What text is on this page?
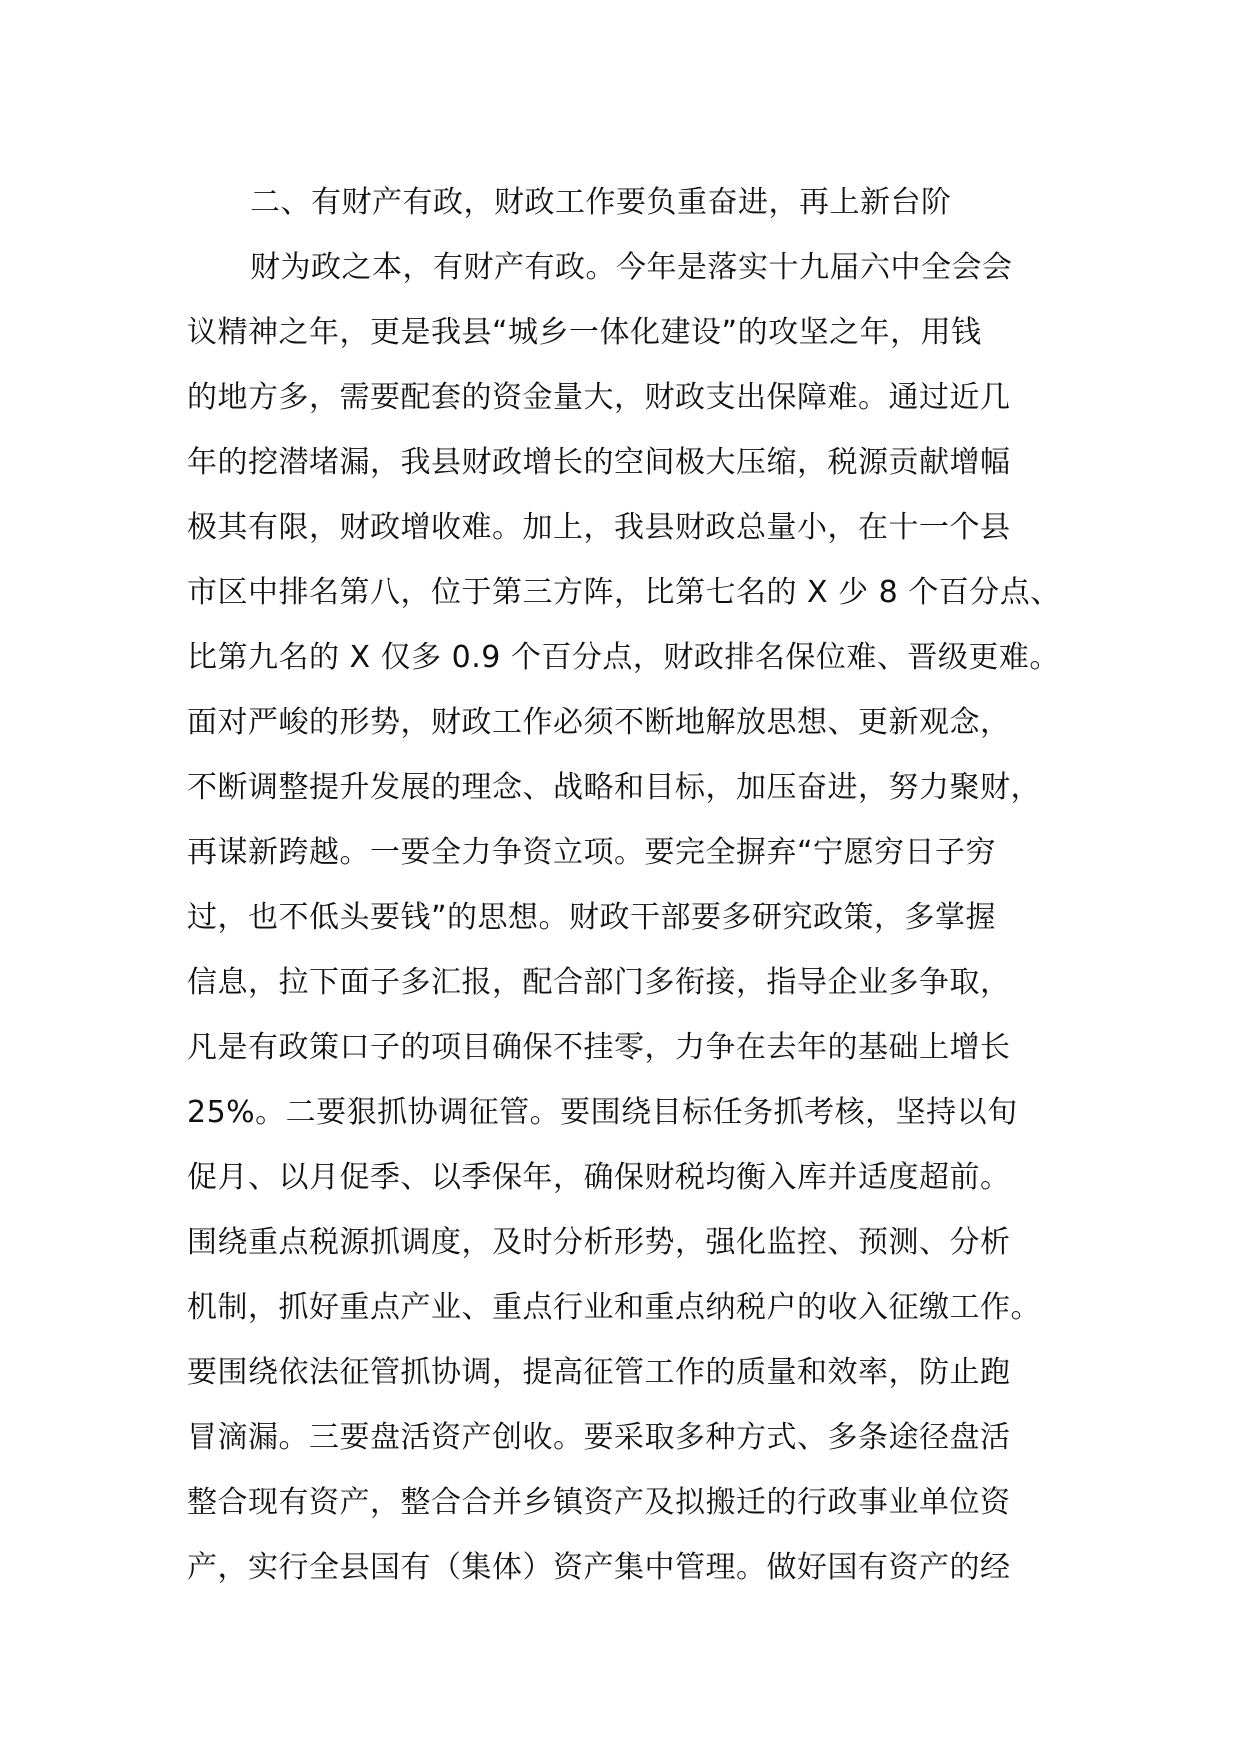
二、有财产有政，财政工作要负重奋进，再上新台阶
财为政之本，有财产有政。今年是落实十九届六中全会会
议精神之年，更是我县“城乡一体化建设”的攻坚之年，用钱
的地方多，需要配套的资金量大，财政支出保障难。通过近几
年的挖潜堵漏，我县财政增长的空间极大压缩，税源贡献增幅
极其有限，财政增收难。加上，我县财政总量小，在十一个县
市区中排名第八，位于第三方阵，比第七名的 X 少 8 个百分点、
比第九名的 X 仅多 0.9 个百分点，财政排名保位难、晋级更难。
面对严峻的形势，财政工作必须不断地解放思想、更新观念，
不断调整提升发展的理念、战略和目标，加压奋进，努力聚财，
再谋新跨越。一要全力争资立项。要完全摒弃“宁愿穷日子穷
过，也不低头要钱”的思想。财政干部要多研究政策，多掌握
信息，拉下面子多汇报，配合部门多衔接，指导企业多争取，
凡是有政策口子的项目确保不挂零，力争在去年的基础上增长
25%。二要狠抓协调征管。要围绕目标任务抓考核，坚持以旬
促月、以月促季、以季保年，确保财税均衡入库并适度超前。
围绕重点税源抓调度，及时分析形势，强化监控、预测、分析
机制，抓好重点产业、重点行业和重点纳税户的收入征缴工作。
要围绕依法征管抓协调，提高征管工作的质量和效率，防止跑
冒滴漏。三要盘活资产创收。要采取多种方式、多条途径盘活
整合现有资产，整合合并乡镇资产及拟搬迁的行政事业单位资
产，实行全县国有（集体）资产集中管理。做好国有资产的经
